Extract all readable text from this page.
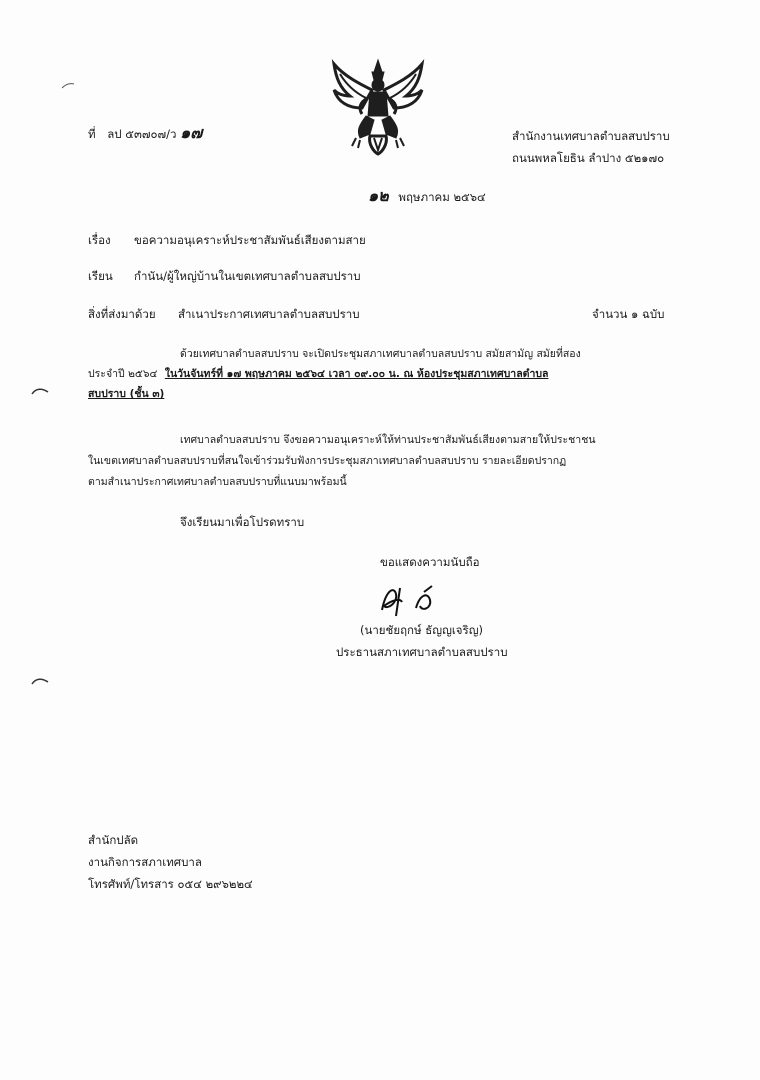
ที่ ลป ๕๓๗๐๗/ว ๑๗	สำนักงานเทศบาลตำบลสบปราบ
ถนนพหลโยธิน ลำปาง ๕๒๑๗๐
๑๒ พฤษภาคม ๒๕๖๔
เรื่อง ขอความอนุเคราะห์ประชาสัมพันธ์เสียงตามสาย
เรียน กำนัน/ผู้ใหญ่บ้านในเขตเทศบาลตำบลสบปราบ
สิ่งที่ส่งมาด้วย สำเนาประกาศเทศบาลตำบลสบปราบ	จำนวน ๑ ฉบับ
ด้วยเทศบาลตำบลสบปราบ จะเปิดประชุมสภาเทศบาลตำบลสบปราบ สมัยสามัญ สมัยที่สอง
ประจำปี ๒๕๖๔ ในวันจันทร์ที่ ๑๗ พฤษภาคม ๒๕๖๔ เวลา ๐๙.๐๐ น. ณ ห้องประชุมสภาเทศบาลตำบล
สบปราบ (ชั้น ๓)
เทศบาลตำบลสบปราบ จึงขอความอนุเคราะห์ให้ท่านประชาสัมพันธ์เสียงตามสายให้ประชาชน
ในเขตเทศบาลตำบลสบปราบที่สนใจเข้าร่วมรับฟังการประชุมสภาเทศบาลตำบลสบปราบ รายละเอียดปรากฏ
ตามสำเนาประกาศเทศบาลตำบลสบปราบที่แนบมาพร้อมนี้
จึงเรียนมาเพื่อโปรดทราบ
ขอแสดงความนับถือ
(นายชัยฤกษ์ ธัญญเจริญ)
ประธานสภาเทศบาลตำบลสบปราบ
สำนักปลัด
งานกิจการสภาเทศบาล
โทรศัพท์/โทรสาร ๐๕๔ ๒๙๖๒๒๔
